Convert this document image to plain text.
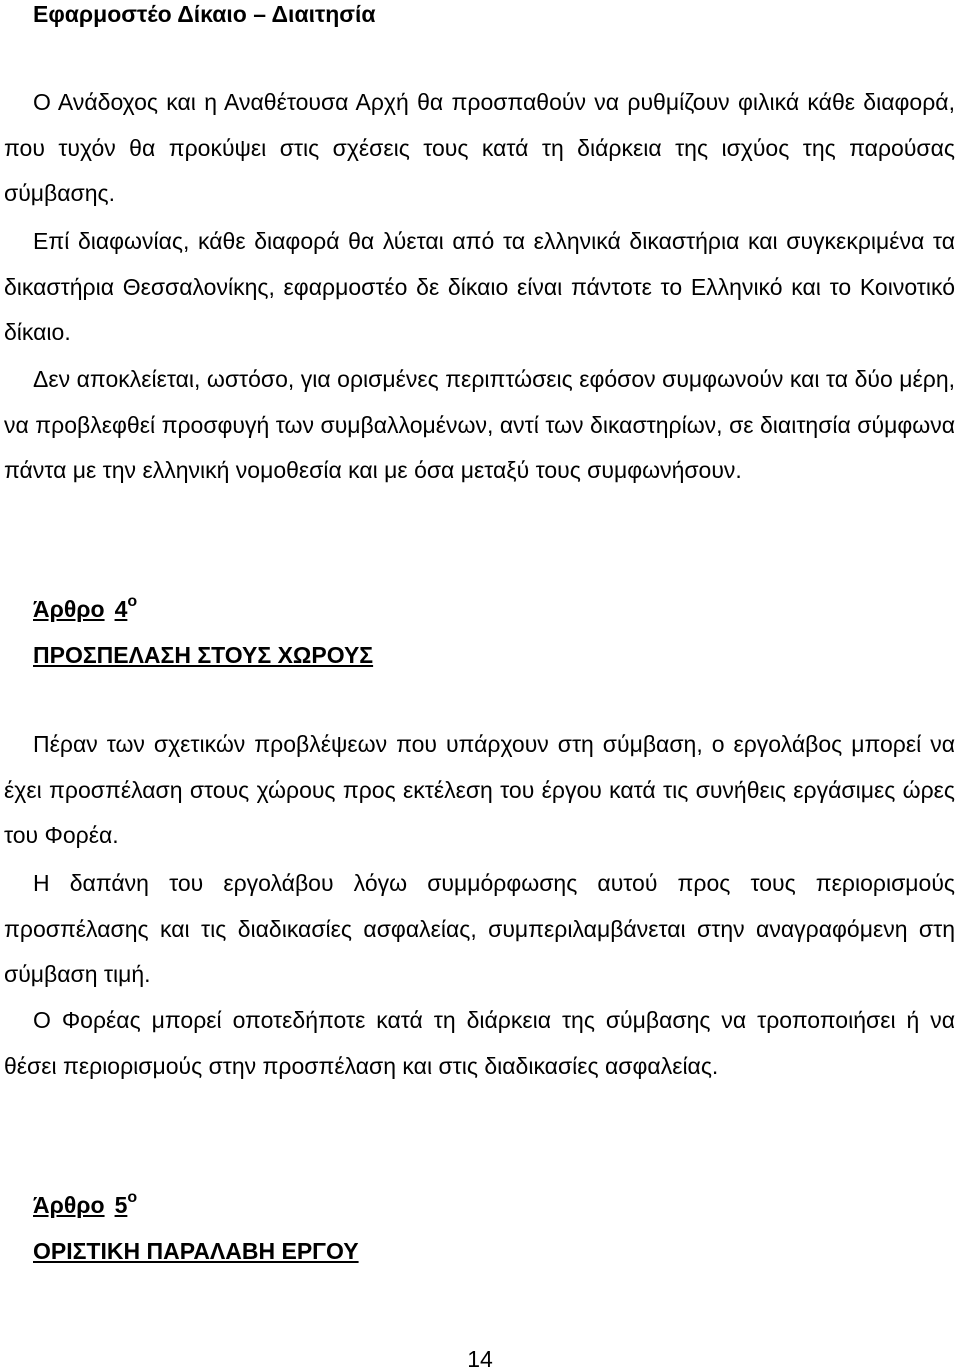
Εφαρμοστέο Δίκαιο – Διαιτησία

Ο Ανάδοχος και η Αναθέτουσα Αρχή θα προσπαθούν να ρυθμίζουν φιλικά κάθε διαφορά, που τυχόν θα προκύψει στις σχέσεις τους κατά τη διάρκεια της ισχύος της παρούσας σύμβασης.

Επί διαφωνίας, κάθε διαφορά θα λύεται από τα ελληνικά δικαστήρια και συγκεκριμένα τα δικαστήρια Θεσσαλονίκης, εφαρμοστέο δε δίκαιο είναι πάντοτε το Ελληνικό και το Κοινοτικό δίκαιο.

Δεν αποκλείεται, ωστόσο, για ορισμένες περιπτώσεις εφόσον συμφωνούν και τα δύο μέρη, να προβλεφθεί προσφυγή των συμβαλλομένων, αντί των δικαστηρίων, σε διαιτησία σύμφωνα πάντα με την ελληνική νομοθεσία και με όσα μεταξύ τους συμφωνήσουν.

Άρθρο $4^o$
ΠΡΟΣΠΕΛΑΣΗ ΣΤΟΥΣ ΧΩΡΟΥΣ

Πέραν των σχετικών προβλέψεων που υπάρχουν στη σύμβαση, ο εργολάβος μπορεί να έχει προσπέλαση στους χώρους προς εκτέλεση του έργου κατά τις συνήθεις εργάσιμες ώρες του Φορέα.

Η δαπάνη του εργολάβου λόγω συμμόρφωσης αυτού προς τους περιορισμούς προσπέλασης και τις διαδικασίες ασφαλείας, συμπεριλαμβάνεται στην αναγραφόμενη στη σύμβαση τιμή.

Ο Φορέας μπορεί οποτεδήποτε κατά τη διάρκεια της σύμβασης να τροποποιήσει ή να θέσει περιορισμούς στην προσπέλαση και στις διαδικασίες ασφαλείας.

Άρθρο $5^o$
ΟΡΙΣΤΙΚΗ ΠΑΡΑΛΑΒΗ ΕΡΓΟΥ
14
